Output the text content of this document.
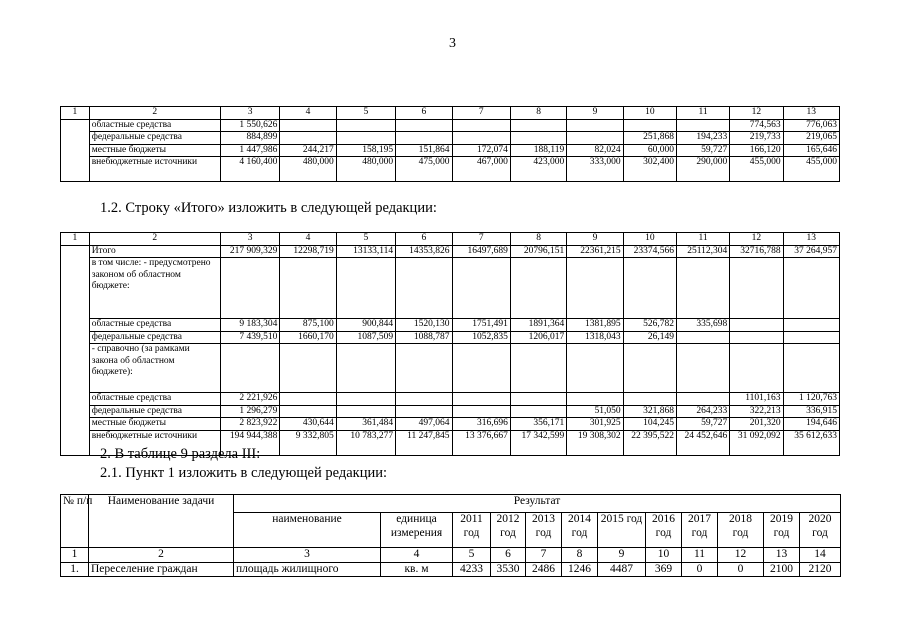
3
1	2	3	4	5	6	7	8	9	10	11	12	13
	областные средства	1 550,626									774,563	776,063
	федеральные средства	884,899							251,868	194,233	219,733	219,065
	местные бюджеты	1 447,986	244,217	158,195	151,864	172,074	188,119	82,024	60,000	59,727	166,120	165,646
	внебюджетные источники	4 160,400	480,000	480,000	475,000	467,000	423,000	333,000	302,400	290,000	455,000	455,000
1.2. Строку «Итого» изложить в следующей редакции:
1	2	3	4	5	6	7	8	9	10	11	12	13
	Итого	217 909,329	12298,719	13133,114	14353,826	16497,689	20796,151	22361,215	23374,566	25112,304	32716,788	37 264,957
	в том числе: - предусмотрено законом об областном бюджете:											
	областные средства	9 183,304	875,100	900,844	1520,130	1751,491	1891,364	1381,895	526,782	335,698		
	федеральные средства	7 439,510	1660,170	1087,509	1088,787	1052,835	1206,017	1318,043	26,149			
	- справочно (за рамками закона об областном бюджете):											
	областные средства	2 221,926									1101,163	1 120,763
	федеральные средства	1 296,279						51,050	321,868	264,233	322,213	336,915
	местные бюджеты	2 823,922	430,644	361,484	497,064	316,696	356,171	301,925	104,245	59,727	201,320	194,646
	внебюджетные источники	194 944,388	9 332,805	10 783,277	11 247,845	13 376,667	17 342,599	19 308,302	22 395,522	24 452,646	31 092,092	35 612,633
2. В таблице 9 раздела III:
2.1. Пункт 1 изложить в следующей редакции:
№ п/п	Наименование задачи	Результат											
		наименование	единица измерения	2011 год	2012 год	2013 год	2014 год	2015 год	2016 год	2017 год	2018 год	2019 год	2020 год
1	2	3	4	5	6	7	8	9	10	11	12	13	14
1.	Переселение граждан	площадь жилищного	кв. м	4233	3530	2486	1246	4487	369	0	0	2100	2120
